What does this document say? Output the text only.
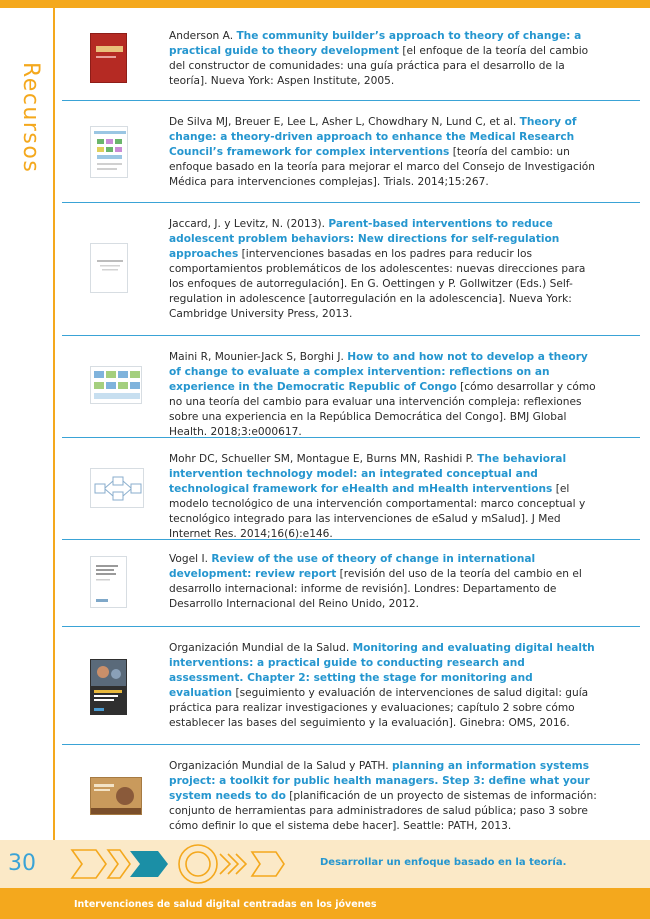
Recursos
Anderson A. The community builder’s approach to theory of change: a practical guide to theory development [el enfoque de la teoría del cambio del constructor de comunidades: una guía práctica para el desarrollo de la teoría]. Nueva York: Aspen Institute, 2005.
De Silva MJ, Breuer E, Lee L, Asher L, Chowdhary N, Lund C, et al. Theory of change: a theory-driven approach to enhance the Medical Research Council’s framework for complex interventions [teoría del cambio: un enfoque basado en la teoría para mejorar el marco del Consejo de Investigación Médica para intervenciones complejas]. Trials. 2014;15:267.
Jaccard, J. y Levitz, N. (2013). Parent-based interventions to reduce adolescent problem behaviors: New directions for self-regulation approaches [intervenciones basadas en los padres para reducir los comportamientos problemáticos de los adolescentes: nuevas direcciones para los enfoques de autorregulación]. En G. Oettingen y P. Gollwitzer (Eds.) Self-regulation in adolescence [autorregulación en la adolescencia]. Nueva York: Cambridge University Press, 2013.
Maini R, Mounier-Jack S, Borghi J. How to and how not to develop a theory of change to evaluate a complex intervention: reflections on an experience in the Democratic Republic of Congo [cómo desarrollar y cómo no una teoría del cambio para evaluar una intervención compleja: reflexiones sobre una experiencia en la República Democrática del Congo]. BMJ Global Health. 2018;3:e000617.
Mohr DC, Schueller SM, Montague E, Burns MN, Rashidi P. The behavioral intervention technology model: an integrated conceptual and technological framework for eHealth and mHealth interventions [el modelo tecnológico de una intervención comportamental: marco conceptual y tecnológico integrado para las intervenciones de eSalud y mSalud]. J Med Internet Res. 2014;16(6):e146.
Vogel I. Review of the use of theory of change in international development: review report [revisión del uso de la teoría del cambio en el desarrollo internacional: informe de revisión]. Londres: Departamento de Desarrollo Internacional del Reino Unido, 2012.
Organización Mundial de la Salud. Monitoring and evaluating digital health interventions: a practical guide to conducting research and assessment. Chapter 2: setting the stage for monitoring and evaluation [seguimiento y evaluación de intervenciones de salud digital: guía práctica para realizar investigaciones y evaluaciones; capítulo 2 sobre cómo establecer las bases del seguimiento y la evaluación]. Ginebra: OMS, 2016.
Organización Mundial de la Salud y PATH. planning an information systems project: a toolkit for public health managers. Step 3: define what your system needs to do [planificación de un proyecto de sistemas de información: conjunto de herramientas para administradores de salud pública; paso 3 sobre cómo definir lo que el sistema debe hacer]. Seattle: PATH, 2013.
30	Desarrollar un enfoque basado en la teoría.
Intervenciones de salud digital centradas en los jóvenes
